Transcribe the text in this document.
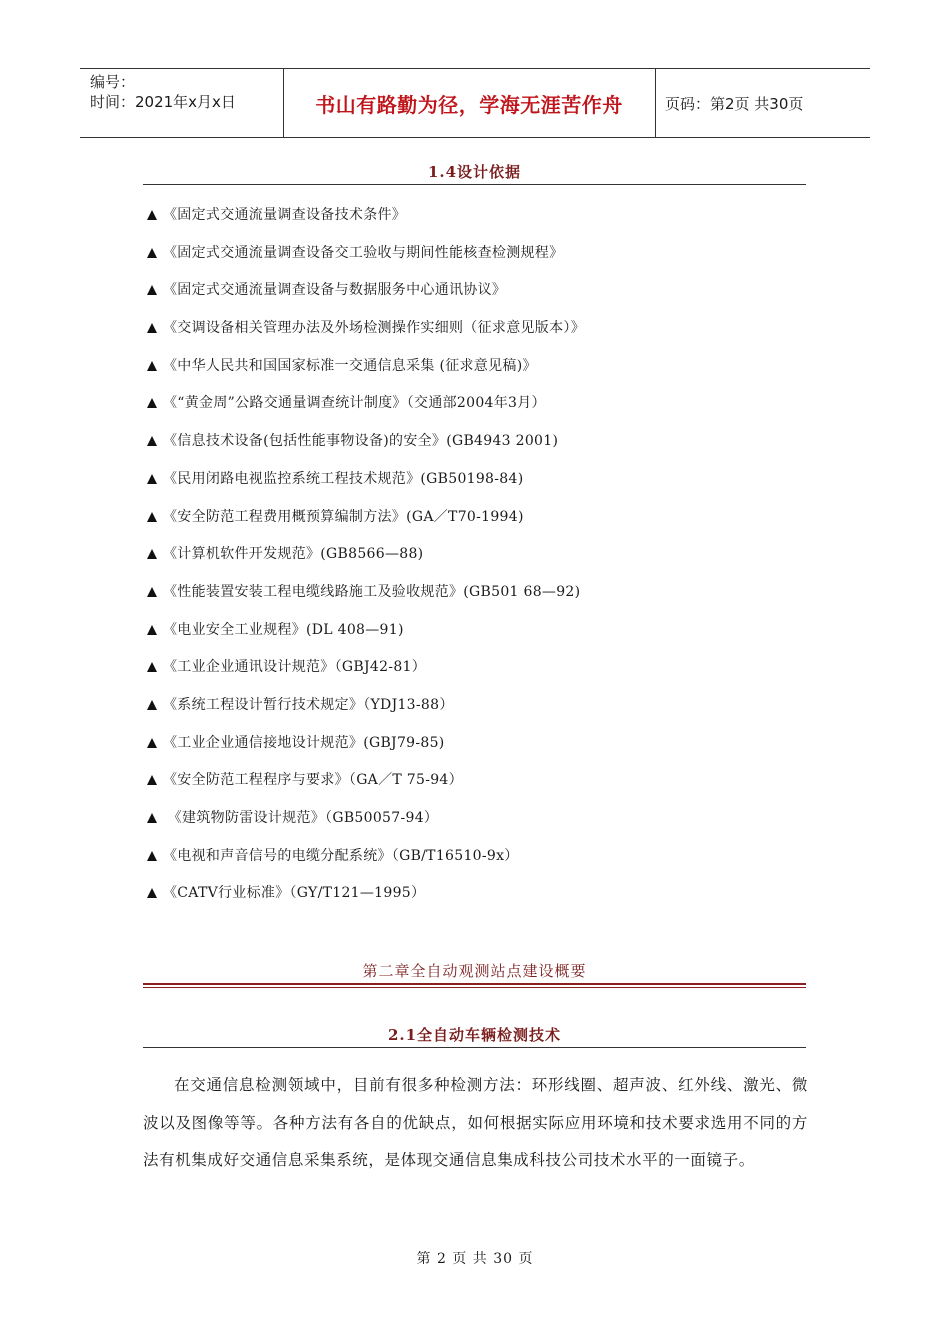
编号：
时间：2021年x月x日	书山有路勤为径，学海无涯苦作舟	页码：第2页 共30页
1.4设计依据
《固定式交通流量调查设备技术条件》
《固定式交通流量调查设备交工验收与期间性能核查检测规程》
《固定式交通流量调查设备与数据服务中心通讯协议》
《交调设备相关管理办法及外场检测操作实细则（征求意见版本）》
《中华人民共和国国家标准一交通信息采集 (征求意见稿)》
《“黄金周”公路交通量调查统计制度》（交通部2004年3月）
《信息技术设备(包括性能事物设备)的安全》(GB4943 2001)
《民用闭路电视监控系统工程技术规范》(GB50198-84)
《安全防范工程费用概预算编制方法》(GA／T70-1994)
《计算机软件开发规范》(GB8566—88)
《性能装置安装工程电缆线路施工及验收规范》(GB501 68—92)
《电业安全工业规程》(DL 408—91)
《工业企业通讯设计规范》（GBJ42-81）
《系统工程设计暂行技术规定》（YDJ13-88）
《工业企业通信接地设计规范》(GBJ79-85)
《安全防范工程程序与要求》（GA／T 75-94）
《建筑物防雷设计规范》（GB50057-94）
《电视和声音信号的电缆分配系统》（GB/T16510-9x）
《CATV行业标准》（GY/T121—1995）
第二章全自动观测站点建设概要
2.1全自动车辆检测技术

在交通信息检测领域中，目前有很多种检测方法：环形线圈、超声波、红外线、激光、微波以及图像等等。各种方法有各自的优缺点，如何根据实际应用环境和技术要求选用不同的方法有机集成好交通信息采集系统，是体现交通信息集成科技公司技术水平的一面镜子。

第 2 页 共 30 页
